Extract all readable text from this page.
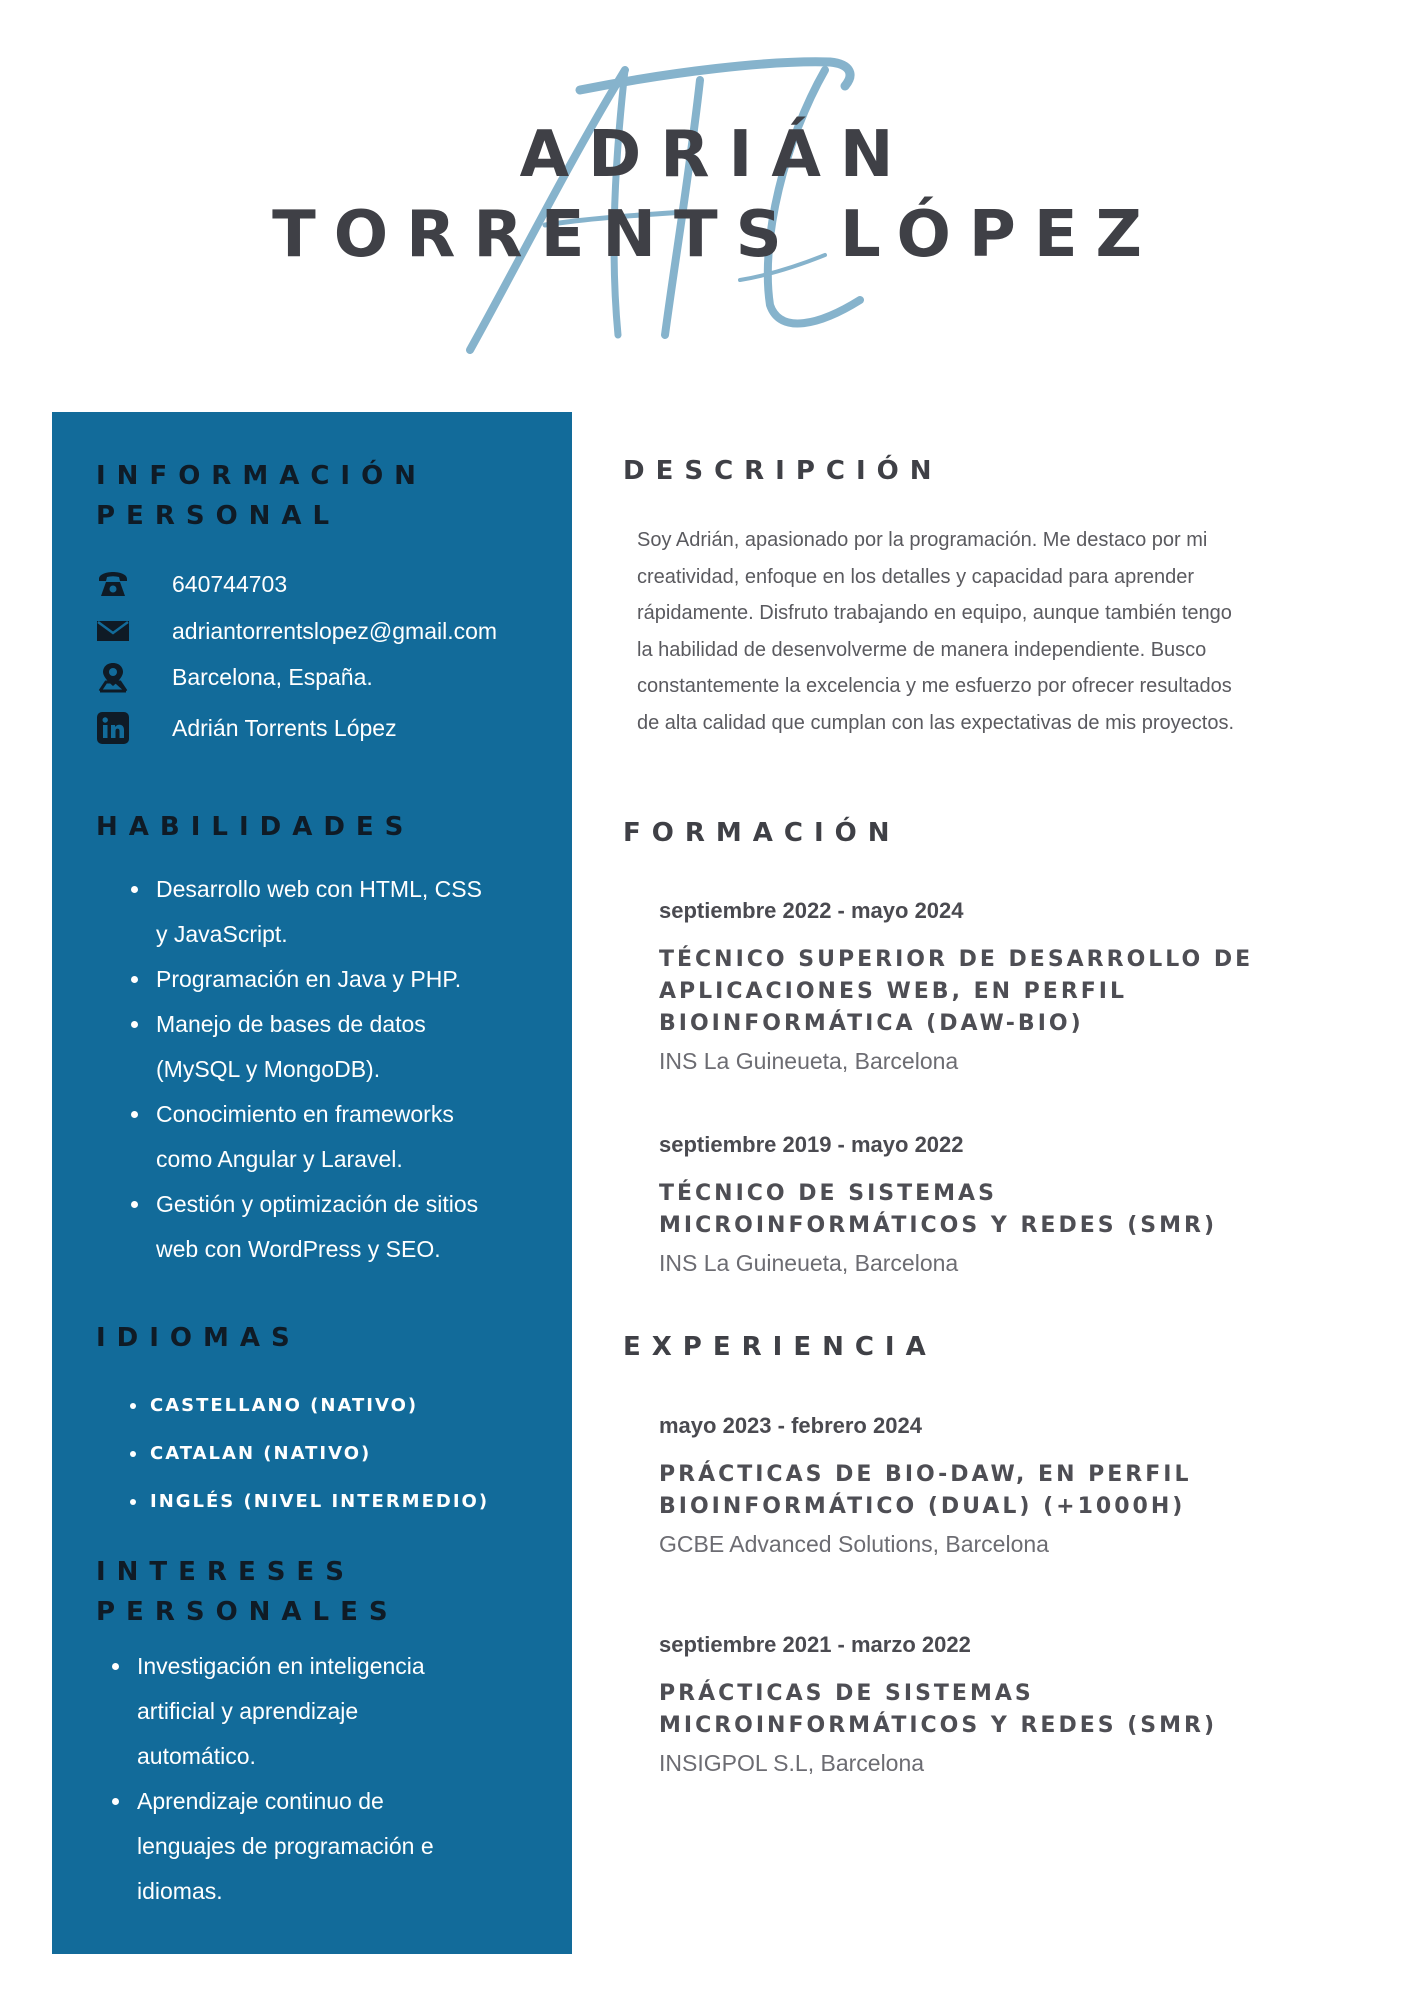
ADRIÁN
TORRENTS LÓPEZ
INFORMACIÓN PERSONAL
640744703
adriantorrentslopez@gmail.com
Barcelona, España.
Adrián Torrents López
HABILIDADES
Desarrollo web con HTML, CSS y JavaScript.
Programación en Java y PHP.
Manejo de bases de datos (MySQL y MongoDB).
Conocimiento en frameworks como Angular y Laravel.
Gestión y optimización de sitios web con WordPress y SEO.
IDIOMAS
CASTELLANO (NATIVO)
CATALAN (NATIVO)
INGLÉS (NIVEL INTERMEDIO)
INTERESES PERSONALES
Investigación en inteligencia artificial y aprendizaje automático.
Aprendizaje continuo de lenguajes de programación e idiomas.
DESCRIPCIÓN

Soy Adrián, apasionado por la programación. Me destaco por mi creatividad, enfoque en los detalles y capacidad para aprender rápidamente. Disfruto trabajando en equipo, aunque también tengo la habilidad de desenvolverme de manera independiente. Busco constantemente la excelencia y me esfuerzo por ofrecer resultados de alta calidad que cumplan con las expectativas de mis proyectos.

FORMACIÓN

septiembre 2022 - mayo 2024

TÉCNICO SUPERIOR DE DESARROLLO DE APLICACIONES WEB, EN PERFIL BIOINFORMÁTICA (DAW-BIO)

INS La Guineueta, Barcelona

septiembre 2019 - mayo 2022

TÉCNICO DE SISTEMAS MICROINFORMÁTICOS Y REDES (SMR)

INS La Guineueta, Barcelona

EXPERIENCIA

mayo 2023 - febrero 2024

PRÁCTICAS DE BIO-DAW, EN PERFIL BIOINFORMÁTICO (DUAL) (+1000H)

GCBE Advanced Solutions, Barcelona

septiembre 2021 - marzo 2022

PRÁCTICAS DE SISTEMAS MICROINFORMÁTICOS Y REDES (SMR)

INSIGPOL S.L, Barcelona
